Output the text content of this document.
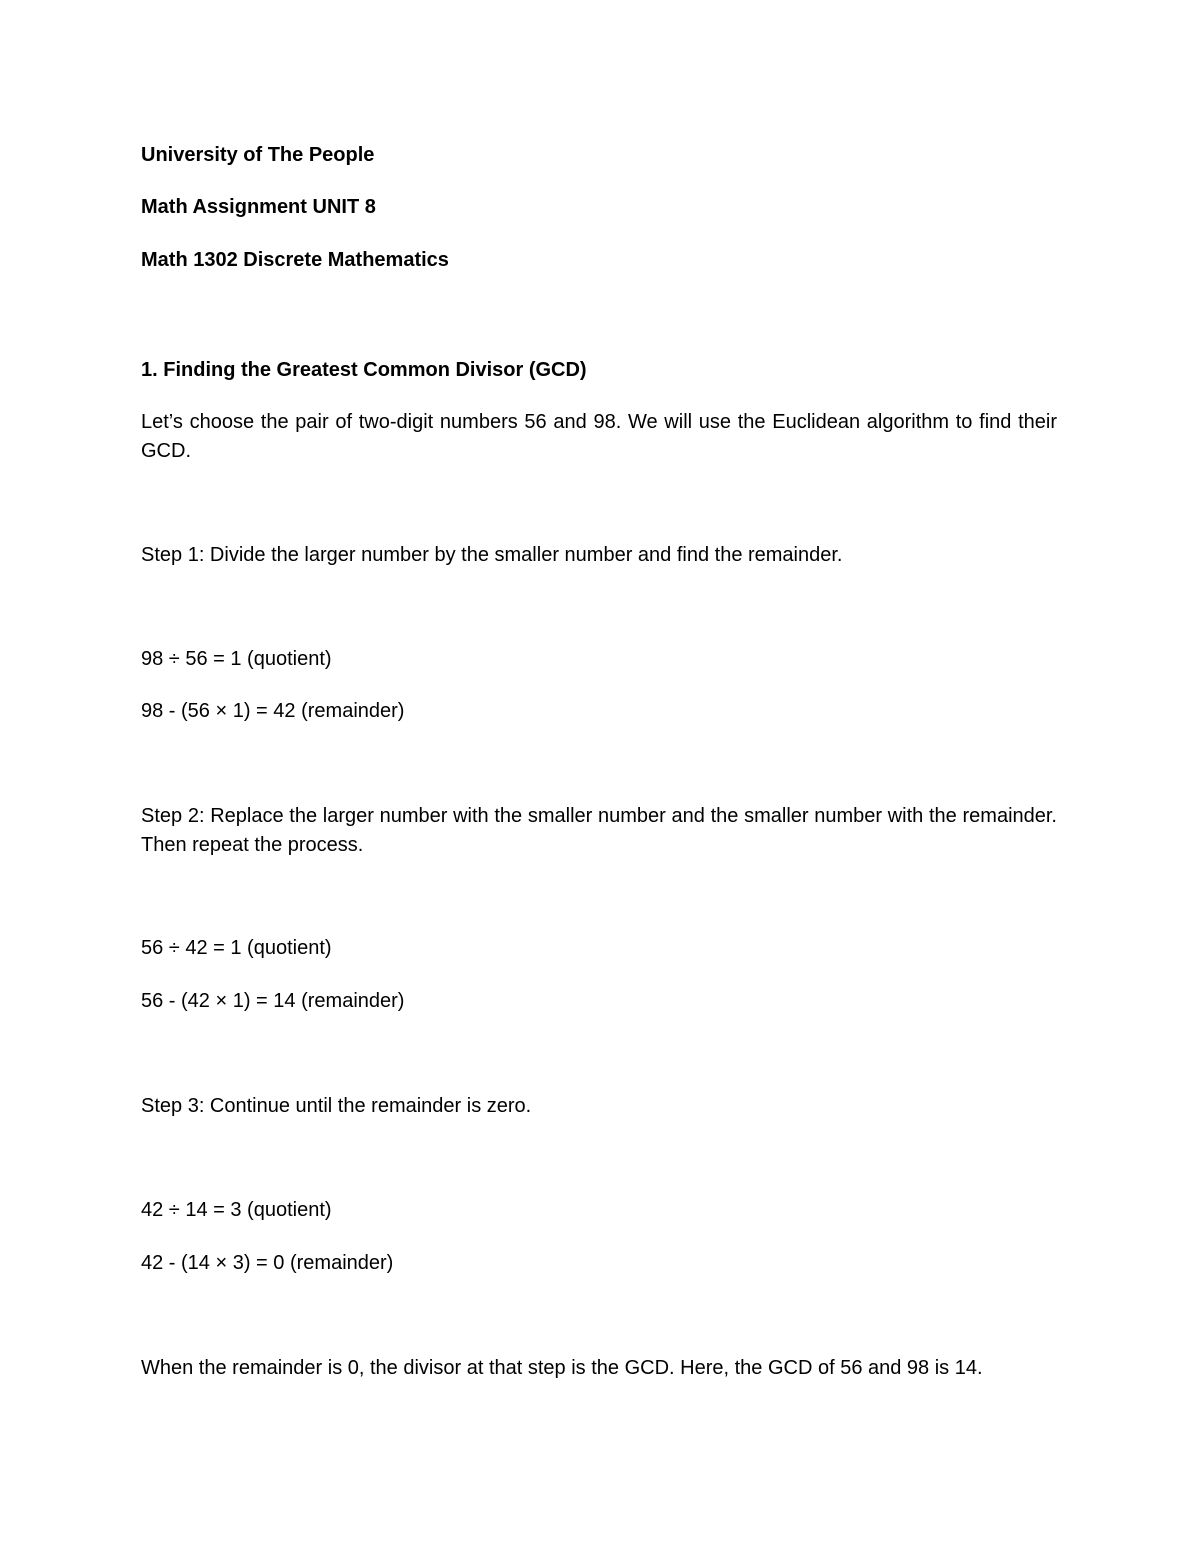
University of The People
Math Assignment UNIT 8
Math 1302 Discrete Mathematics
1. Finding the Greatest Common Divisor (GCD)
Let’s choose the pair of two-digit numbers 56 and 98. We will use the Euclidean algorithm to find their GCD.
Step 1: Divide the larger number by the smaller number and find the remainder.
98 ÷ 56 = 1 (quotient)
98 - (56 × 1) = 42 (remainder)
Step 2: Replace the larger number with the smaller number and the smaller number with the remainder. Then repeat the process.
56 ÷ 42 = 1 (quotient)
56 - (42 × 1) = 14 (remainder)
Step 3: Continue until the remainder is zero.
42 ÷ 14 = 3 (quotient)
42 - (14 × 3) = 0 (remainder)
When the remainder is 0, the divisor at that step is the GCD. Here, the GCD of 56 and 98 is 14.
